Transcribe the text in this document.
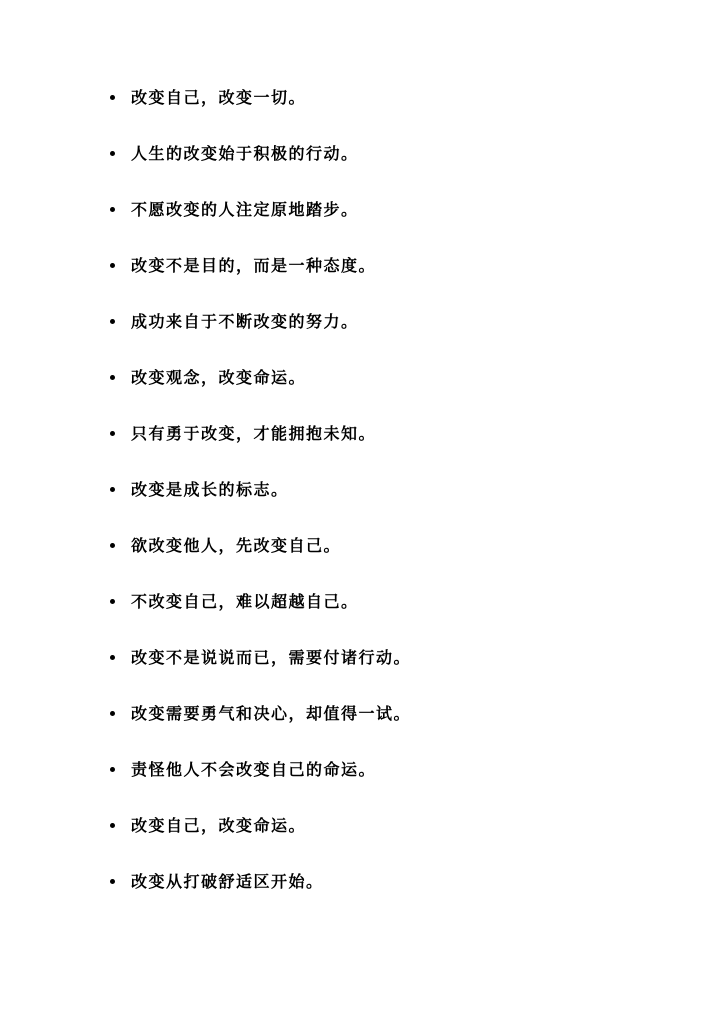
改变自己，改变一切。
人生的改变始于积极的行动。
不愿改变的人注定原地踏步。
改变不是目的，而是一种态度。
成功来自于不断改变的努力。
改变观念，改变命运。
只有勇于改变，才能拥抱未知。
改变是成长的标志。
欲改变他人，先改变自己。
不改变自己，难以超越自己。
改变不是说说而已，需要付诸行动。
改变需要勇气和决心，却值得一试。
责怪他人不会改变自己的命运。
改变自己，改变命运。
改变从打破舒适区开始。
